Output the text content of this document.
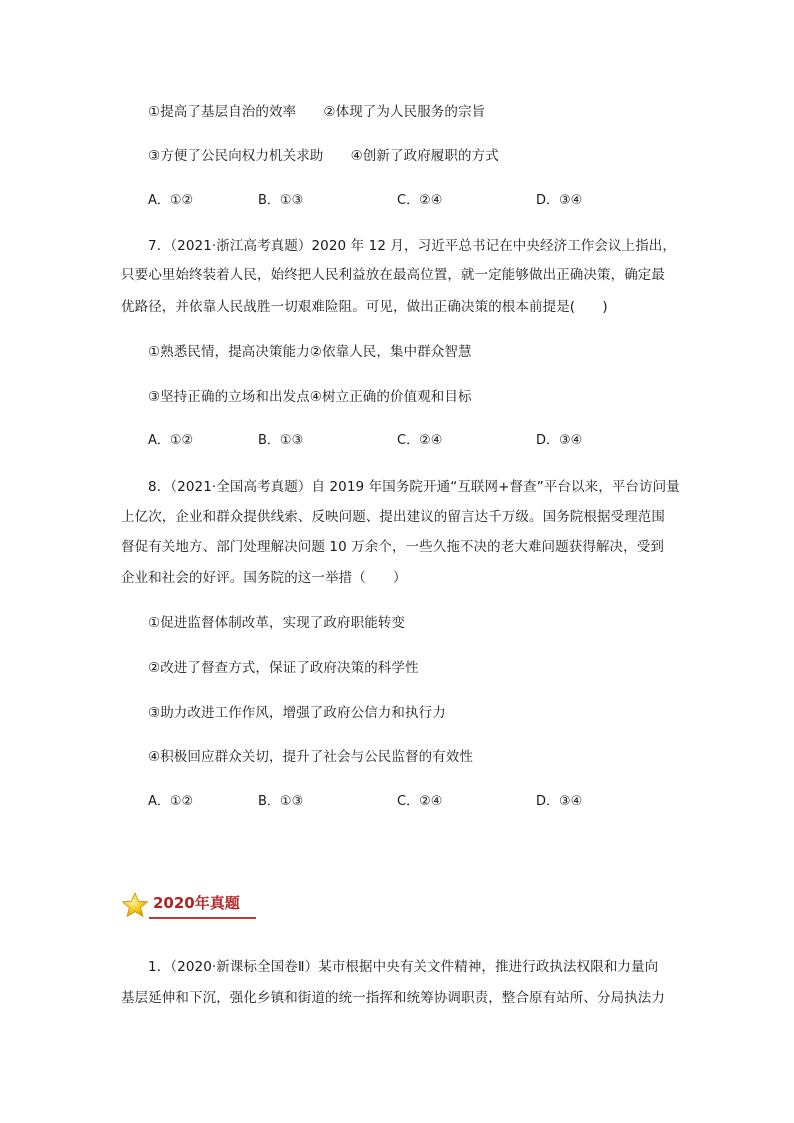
①提高了基层自治的效率　　②体现了为人民服务的宗旨
③方便了公民向权力机关求助　　④创新了政府履职的方式
A．①②	B．①③	C．②④	D．③④
7．（2021·浙江高考真题）2020 年 12 月，习近平总书记在中央经济工作会议上指出，
只要心里始终装着人民，始终把人民利益放在最高位置，就一定能够做出正确决策，确定最
优路径，并依靠人民战胜一切艰难险阻。可见，做出正确决策的根本前提是(　　)
①熟悉民情，提高决策能力②依靠人民，集中群众智慧
③坚持正确的立场和出发点④树立正确的价值观和目标
A．①②	B．①③	C．②④	D．③④
8．（2021·全国高考真题）自 2019 年国务院开通“互联网+督查”平台以来，平台访问量
上亿次，企业和群众提供线索、反映问题、提出建议的留言达千万级。国务院根据受理范围
督促有关地方、部门处理解决问题 10 万余个，一些久拖不决的老大难问题获得解决，受到
企业和社会的好评。国务院的这一举措（　　）
①促进监督体制改革，实现了政府职能转变
②改进了督查方式，保证了政府决策的科学性
③助力改进工作作风，增强了政府公信力和执行力
④积极回应群众关切，提升了社会与公民监督的有效性
A．①②	B．①③	C．②④	D．③④
2020年真题
1．（2020·新课标全国卷Ⅱ）某市根据中央有关文件精神，推进行政执法权限和力量向
基层延伸和下沉，强化乡镇和街道的统一指挥和统筹协调职责，整合原有站所、分局执法力
